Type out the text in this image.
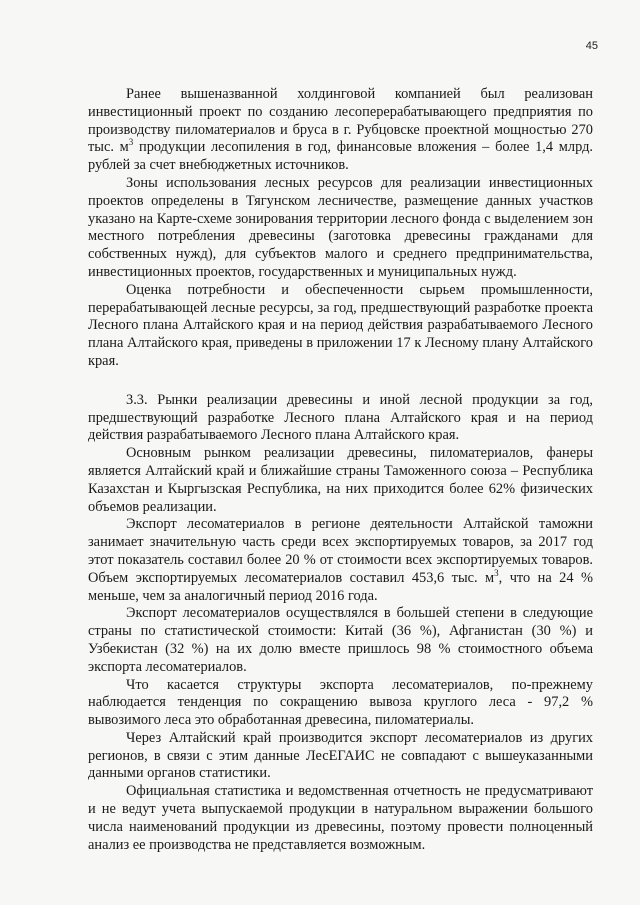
45

Ранее вышеназванной холдинговой компанией был реализован инвестиционный проект по созданию лесоперерабатывающего предприятия по производству пиломатериалов и бруса в г. Рубцовске проектной мощностью 270 тыс. $м^3$ продукции лесопиления в год, финансовые вложения – более 1,4 млрд. рублей за счет внебюджетных источников.

Зоны использования лесных ресурсов для реализации инвестиционных проектов определены в Тягунском лесничестве, размещение данных участков указано на Карте-схеме зонирования территории лесного фонда с выделением зон местного потребления древесины (заготовка древесины гражданами для собственных нужд), для субъектов малого и среднего предпринимательства, инвестиционных проектов, государственных и муниципальных нужд.

Оценка потребности и обеспеченности сырьем промышленности, перерабатывающей лесные ресурсы, за год, предшествующий разработке проекта Лесного плана Алтайского края и на период действия разрабатываемого Лесного плана Алтайского края, приведены в приложении 17 к Лесному плану Алтайского края.

3.3. Рынки реализации древесины и иной лесной продукции за год, предшествующий разработке Лесного плана Алтайского края и на период действия разрабатываемого Лесного плана Алтайского края.

Основным рынком реализации древесины, пиломатериалов, фанеры является Алтайский край и ближайшие страны Таможенного союза – Республика Казахстан и Кыргызская Республика, на них приходится более 62% физических объемов реализации.

Экспорт лесоматериалов в регионе деятельности Алтайской таможни занимает значительную часть среди всех экспортируемых товаров, за 2017 год этот показатель составил более 20 % от стоимости всех экспортируемых товаров. Объем экспортируемых лесоматериалов составил 453,6 тыс. $м^3$, что на 24 % меньше, чем за аналогичный период 2016 года.

Экспорт лесоматериалов осуществлялся в большей степени в следующие страны по статистической стоимости: Китай (36 %), Афганистан (30 %) и Узбекистан (32 %) на их долю вместе пришлось 98 % стоимостного объема экспорта лесоматериалов.

Что касается структуры экспорта лесоматериалов, по-прежнему наблюдается тенденция по сокращению вывоза круглого леса - 97,2 % вывозимого леса это обработанная древесина, пиломатериалы.

Через Алтайский край производится экспорт лесоматериалов из других регионов, в связи с этим данные ЛесЕГАИС не совпадают с вышеуказанными данными органов статистики.

Официальная статистика и ведомственная отчетность не предусматривают и не ведут учета выпускаемой продукции в натуральном выражении большого числа наименований продукции из древесины, поэтому провести полноценный анализ ее производства не представляется возможным.
